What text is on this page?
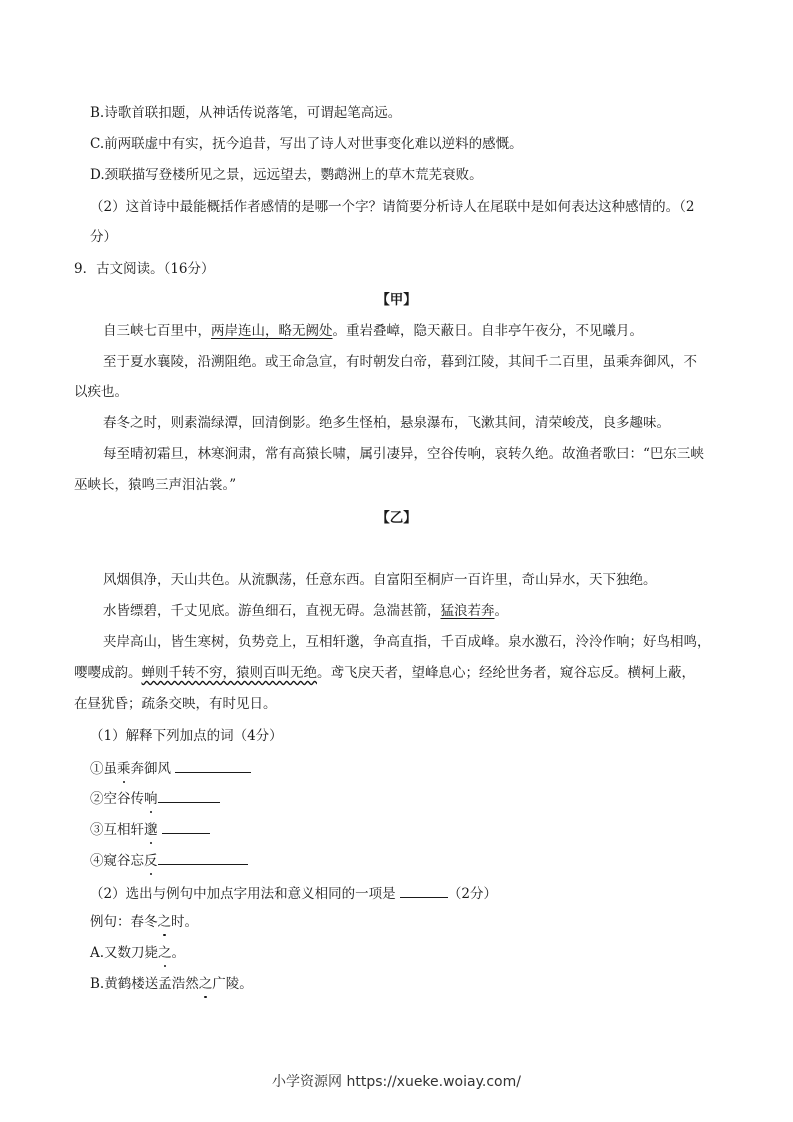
B.诗歌首联扣题，从神话传说落笔，可谓起笔高远。
C.前两联虚中有实，抚今追昔，写出了诗人对世事变化难以逆料的感慨。
D.颈联描写登楼所见之景，远远望去，鹦鹉洲上的草木荒芜衰败。
（2）这首诗中最能概括作者感情的是哪一个字？请简要分析诗人在尾联中是如何表达这种感情的。（2
分）
9．古文阅读。（16分）
【甲】
自三峡七百里中，两岸连山，略无阙处。重岩叠嶂，隐天蔽日。自非亭午夜分，不见曦月。
至于夏水襄陵，沿溯阻绝。或王命急宣，有时朝发白帝，暮到江陵，其间千二百里，虽乘奔御风，不
以疾也。
春冬之时，则素湍绿潭，回清倒影。绝多生怪柏，悬泉瀑布，飞漱其间，清荣峻茂，良多趣味。
每至晴初霜旦，林寒涧肃，常有高猿长啸，属引凄异，空谷传响，哀转久绝。故渔者歌曰：“巴东三峡
巫峡长，猿鸣三声泪沾裳。”
【乙】
风烟俱净，天山共色。从流飘荡，任意东西。自富阳至桐庐一百许里，奇山异水，天下独绝。
水皆缥碧，千丈见底。游鱼细石，直视无碍。急湍甚箭，猛浪若奔。
夹岸高山，皆生寒树，负势竞上，互相轩邈，争高直指，千百成峰。泉水激石，泠泠作响；好鸟相鸣，
嘤嘤成韵。蝉则千转不穷，猿则百叫无绝。鸢飞戾天者，望峰息心；经纶世务者，窥谷忘反。横柯上蔽，
在昼犹昏；疏条交映，有时见日。
（1）解释下列加点的词（4分）
①虽乘奔御风
②空谷传响
③互相轩邈
④窥谷忘反
（2）选出与例句中加点字用法和意义相同的一项是	（2分）
例句：春冬之时。
A.又数刀毙之。
B.黄鹤楼送孟浩然之广陵。
小学资源网 https://xueke.woiay.com/
